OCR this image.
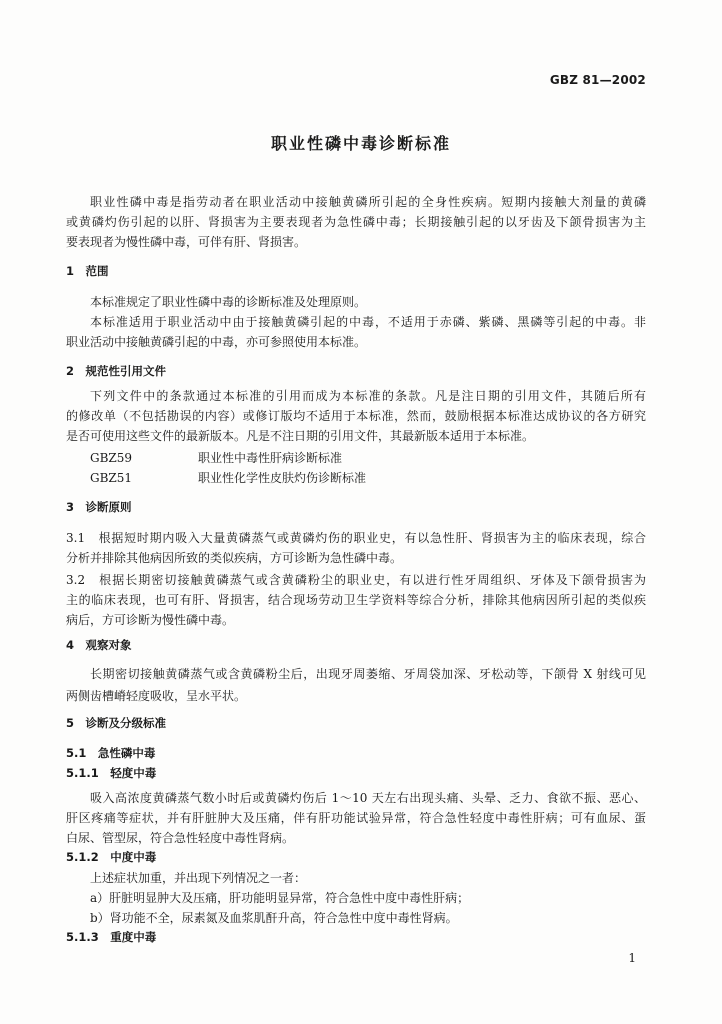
GBZ 81—2002
职业性磷中毒诊断标准
职业性磷中毒是指劳动者在职业活动中接触黄磷所引起的全身性疾病。短期内接触大剂量的黄磷
或黄磷灼伤引起的以肝、肾损害为主要表现者为急性磷中毒；长期接触引起的以牙齿及下颌骨损害为主
要表现者为慢性磷中毒，可伴有肝、肾损害。
1　范围
本标准规定了职业性磷中毒的诊断标准及处理原则。
本标准适用于职业活动中由于接触黄磷引起的中毒，不适用于赤磷、紫磷、黑磷等引起的中毒。非
职业活动中接触黄磷引起的中毒，亦可参照使用本标准。
2　规范性引用文件
下列文件中的条款通过本标准的引用而成为本标准的条款。凡是注日期的引用文件，其随后所有
的修改单（不包括勘误的内容）或修订版均不适用于本标准，然而，鼓励根据本标准达成协议的各方研究
是否可使用这些文件的最新版本。凡是不注日期的引用文件，其最新版本适用于本标准。
GBZ59	职业性中毒性肝病诊断标准
GBZ51	职业性化学性皮肤灼伤诊断标准
3　诊断原则
3.1　根据短时期内吸入大量黄磷蒸气或黄磷灼伤的职业史，有以急性肝、肾损害为主的临床表现，综合
分析并排除其他病因所致的类似疾病，方可诊断为急性磷中毒。
3.2　根据长期密切接触黄磷蒸气或含黄磷粉尘的职业史，有以进行性牙周组织、牙体及下颌骨损害为
主的临床表现，也可有肝、肾损害，结合现场劳动卫生学资料等综合分析，排除其他病因所引起的类似疾
病后，方可诊断为慢性磷中毒。
4　观察对象
长期密切接触黄磷蒸气或含黄磷粉尘后，出现牙周萎缩、牙周袋加深、牙松动等，下颌骨 X 射线可见
两侧齿槽嵴轻度吸收，呈水平状。
5　诊断及分级标准
5.1　急性磷中毒
5.1.1　轻度中毒
吸入高浓度黄磷蒸气数小时后或黄磷灼伤后 1～10 天左右出现头痛、头晕、乏力、食欲不振、恶心、
肝区疼痛等症状，并有肝脏肿大及压痛，伴有肝功能试验异常，符合急性轻度中毒性肝病；可有血尿、蛋
白尿、管型尿，符合急性轻度中毒性肾病。
5.1.2　中度中毒
上述症状加重，并出现下列情况之一者：
a）肝脏明显肿大及压痛，肝功能明显异常，符合急性中度中毒性肝病；
b）肾功能不全，尿素氮及血浆肌酐升高，符合急性中度中毒性肾病。
5.1.3　重度中毒
1
